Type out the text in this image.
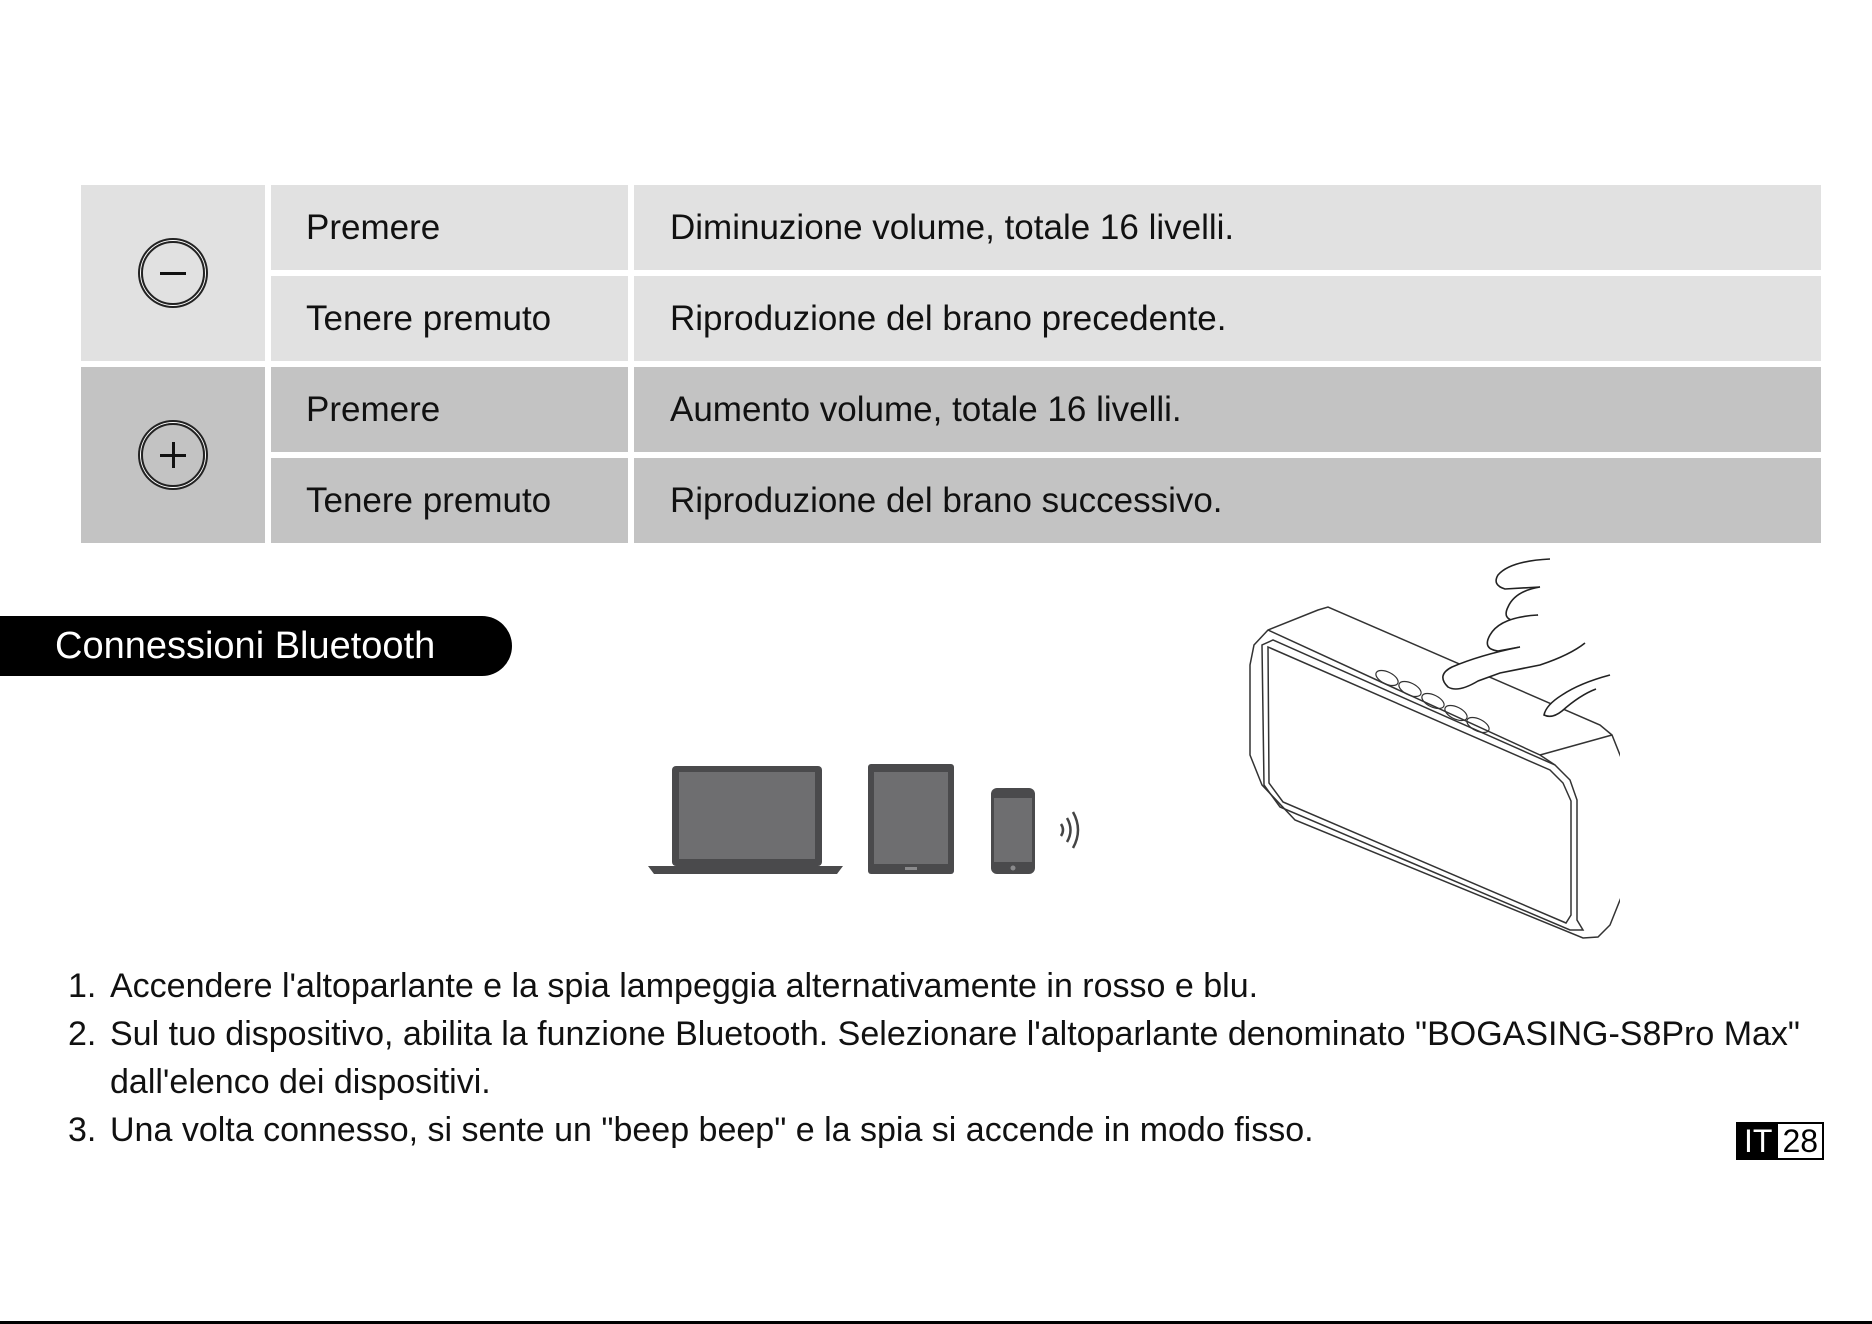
Premere	Diminuzione volume, totale 16 livelli.
Tenere premuto	Riproduzione del brano precedente.
Premere	Aumento volume, totale 16 livelli.
Tenere premuto	Riproduzione del brano successivo.
Connessioni Bluetooth
1. Accendere l'altoparlante e la spia lampeggia alternativamente in rosso e blu.
2. Sul tuo dispositivo, abilita la funzione Bluetooth. Selezionare l'altoparlante denominato "BOGASING-S8Pro Max" dall'elenco dei dispositivi.
3. Una volta connesso, si sente un "beep beep" e la spia si accende in modo fisso.	IT 28
